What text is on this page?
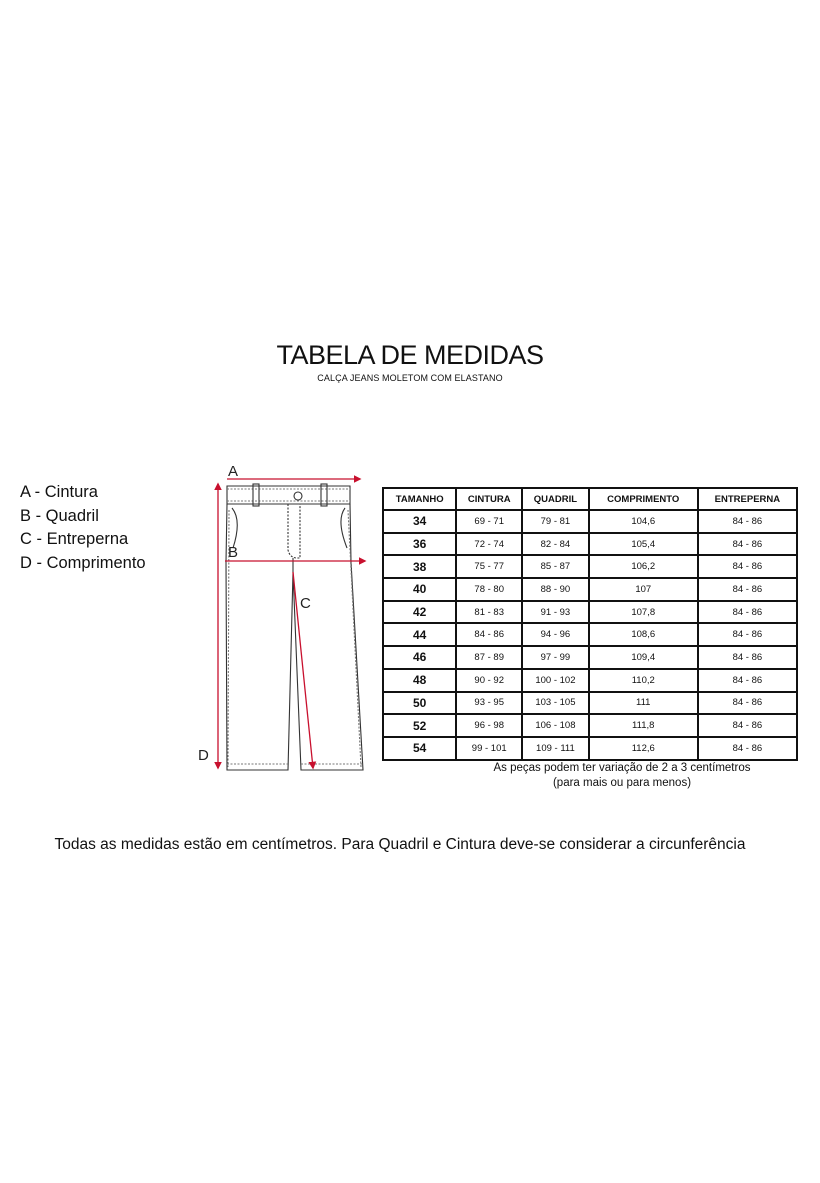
TABELA DE MEDIDAS
CALÇA JEANS MOLETOM COM ELASTANO
A - Cintura
B - Quadril
C - Entreperna
D - Comprimento
A
B
C
D
TAMANHO	CINTURA	QUADRIL	COMPRIMENTO	ENTREPERNA
34	69 - 71	79 - 81	104,6	84 - 86
36	72 - 74	82 - 84	105,4	84 - 86
38	75 - 77	85 - 87	106,2	84 - 86
40	78 - 80	88 - 90	107	84 - 86
42	81 - 83	91 - 93	107,8	84 - 86
44	84 - 86	94 - 96	108,6	84 - 86
46	87 - 89	97 - 99	109,4	84 - 86
48	90 - 92	100 - 102	110,2	84 - 86
50	93 - 95	103 - 105	111	84 - 86
52	96 - 98	106 - 108	111,8	84 - 86
54	99 - 101	109 - 111	112,6	84 - 86
As peças podem ter variação de 2 a 3 centímetros
(para mais ou para menos)
Todas as medidas estão em centímetros. Para Quadril e Cintura deve-se considerar a circunferência
